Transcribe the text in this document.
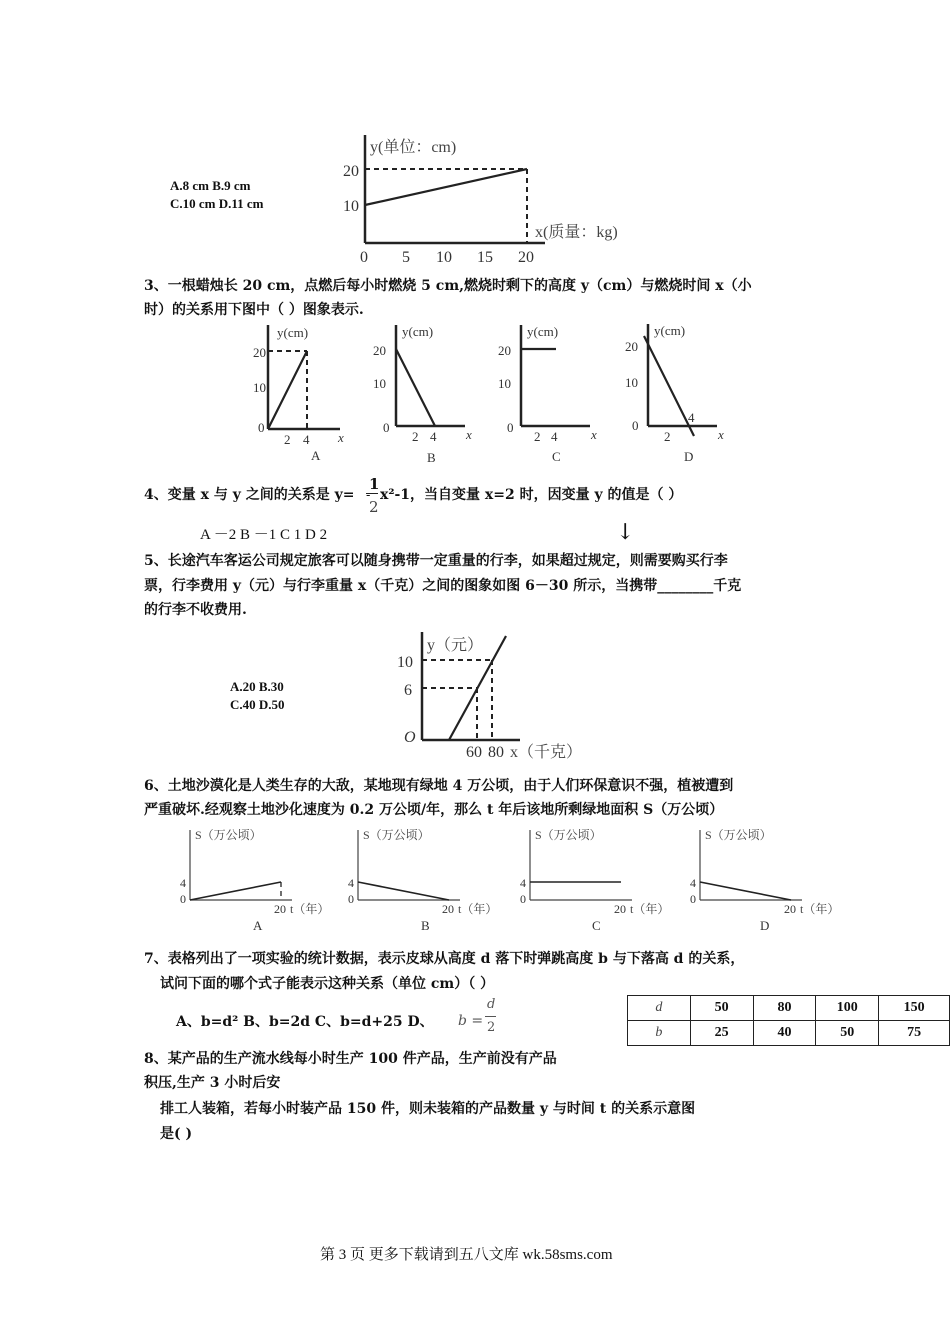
A.8 cm B.9 cm
C.10 cm D.11 cm
y(单位：cm)
x(质量：kg)
20
10
0 5 10 15 20
3、一根蜡烛长 20 cm，点燃后每小时燃烧 5 cm,燃烧时剩下的高度 y（cm）与燃烧时间 x（小
时）的关系用下图中（ ）图象表示.
y(cm)
20
10
0
2 4 x
A
y(cm)
20
10
0
2 4 x
B
y(cm)
20
10
0
2 4	x
C
y(cm)
20
10
0
2
4
x
D
4、变量 x 与 y 之间的关系是 y=
1
-
2
x²-1，当自变量 x=2 时，因变量 y 的值是（ ）
A －2 B －1 C 1 D 2	↓
5、长途汽车客运公司规定旅客可以随身携带一定重量的行李，如果超过规定，则需要购买行李
票，行李费用 y（元）与行李重量 x（千克）之间的图象如图 6－30 所示，当携带________千克
的行李不收费用.
A.20 B.30
C.40 D.50
y（元）
10
6
O
60 80 x（千克）
6、土地沙漠化是人类生存的大敌，某地现有绿地 4 万公顷，由于人们环保意识不强，植被遭到
严重破坏.经观察土地沙化速度为 0.2 万公顷/年，那么 t 年后该地所剩绿地面积 S（万公顷）
S（万公顷）
4
0
20 t（年）
A
S（万公顷）
4
0
20 t（年）
B
S（万公顷）
4
0
20 t（年）
C
S（万公顷）
4
0
20 t（年）
D
7、表格列出了一项实验的统计数据，表示皮球从高度 d 落下时弹跳高度 b 与下落高 d 的关系，
试问下面的哪个式子能表示这种关系（单位 cm）（ ）
A、b=d² B、b=2d C、b=d+25 D、 b =
d
2
d	50	80	100	150
b	25	40	50	75
8、某产品的生产流水线每小时生产 100 件产品，生产前没有产品
积压,生产 3 小时后安
排工人装箱，若每小时装产品 150 件，则未装箱的产品数量 y 与时间 t 的关系示意图
是( )
第 3 页 更多下载请到五八文库 wk.58sms.com
